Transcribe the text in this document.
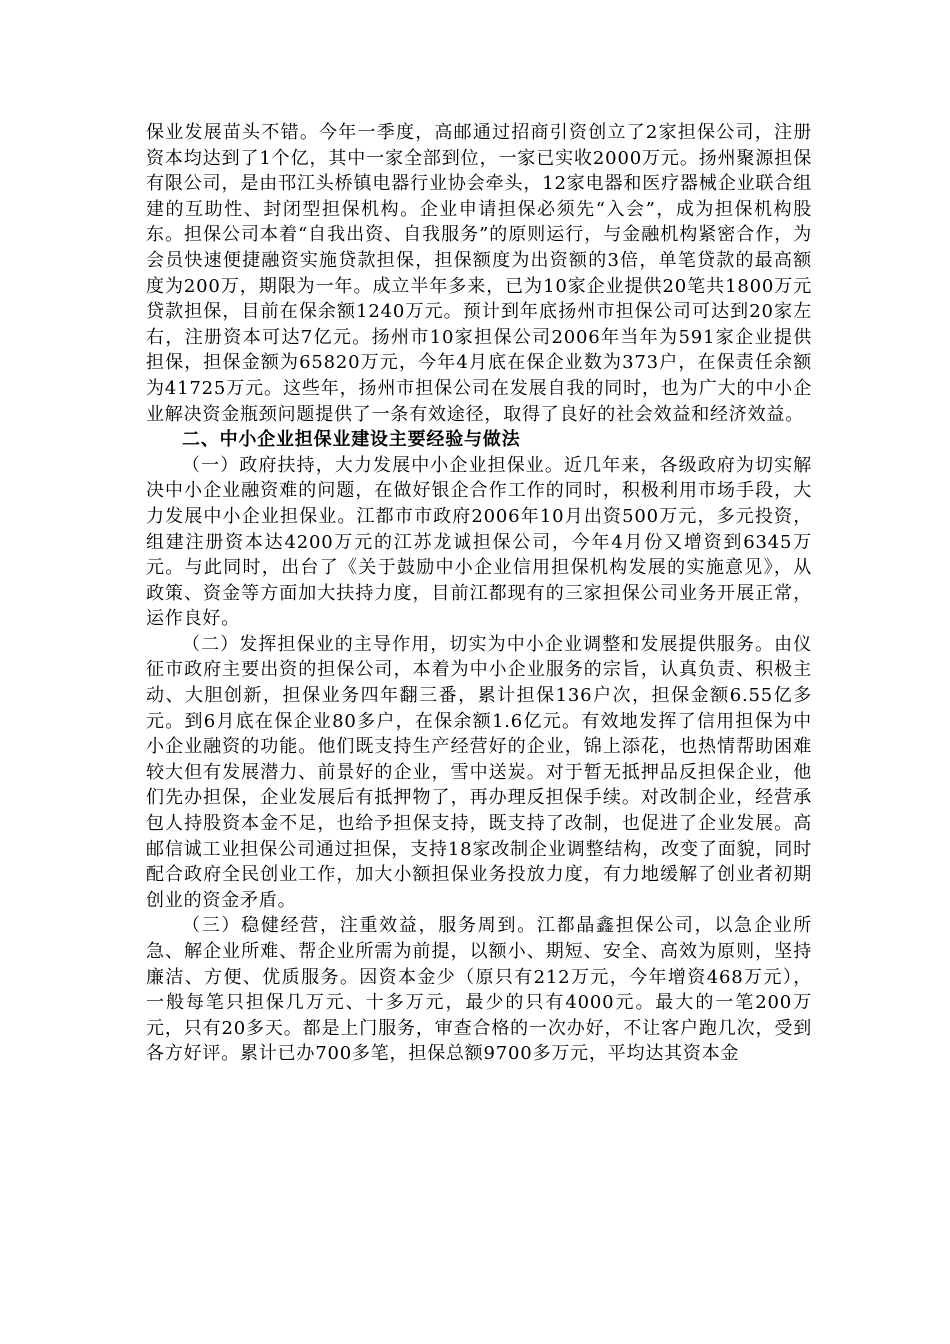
保业发展苗头不错。今年一季度，高邮通过招商引资创立了2家担保公司，注册资本均达到了1个亿，其中一家全部到位，一家已实收2000万元。扬州聚源担保有限公司，是由邗江头桥镇电器行业协会牵头，12家电器和医疗器械企业联合组建的互助性、封闭型担保机构。企业申请担保必须先“入会”，成为担保机构股东。担保公司本着“自我出资、自我服务”的原则运行，与金融机构紧密合作，为会员快速便捷融资实施贷款担保，担保额度为出资额的3倍，单笔贷款的最高额度为200万，期限为一年。成立半年多来，已为10家企业提供20笔共1800万元贷款担保，目前在保余额1240万元。预计到年底扬州市担保公司可达到20家左右，注册资本可达7亿元。扬州市10家担保公司2006年当年为591家企业提供担保，担保金额为65820万元，今年4月底在保企业数为373户，在保责任余额为41725万元。这些年，扬州市担保公司在发展自我的同时，也为广大的中小企业解决资金瓶颈问题提供了一条有效途径，取得了良好的社会效益和经济效益。

二、中小企业担保业建设主要经验与做法

（一）政府扶持，大力发展中小企业担保业。近几年来，各级政府为切实解决中小企业融资难的问题，在做好银企合作工作的同时，积极利用市场手段，大力发展中小企业担保业。江都市市政府2006年10月出资500万元，多元投资，组建注册资本达4200万元的江苏龙诚担保公司，今年4月份又增资到6345万元。与此同时，出台了《关于鼓励中小企业信用担保机构发展的实施意见》，从政策、资金等方面加大扶持力度，目前江都现有的三家担保公司业务开展正常，运作良好。

（二）发挥担保业的主导作用，切实为中小企业调整和发展提供服务。由仪征市政府主要出资的担保公司，本着为中小企业服务的宗旨，认真负责、积极主动、大胆创新，担保业务四年翻三番，累计担保136户次，担保金额6.55亿多元。到6月底在保企业80多户，在保余额1.6亿元。有效地发挥了信用担保为中小企业融资的功能。他们既支持生产经营好的企业，锦上添花，也热情帮助困难较大但有发展潜力、前景好的企业，雪中送炭。对于暂无抵押品反担保企业，他们先办担保，企业发展后有抵押物了，再办理反担保手续。对改制企业，经营承包人持股资本金不足，也给予担保支持，既支持了改制，也促进了企业发展。高邮信诚工业担保公司通过担保，支持18家改制企业调整结构，改变了面貌，同时配合政府全民创业工作，加大小额担保业务投放力度，有力地缓解了创业者初期创业的资金矛盾。

（三）稳健经营，注重效益，服务周到。江都晶鑫担保公司，以急企业所急、解企业所难、帮企业所需为前提，以额小、期短、安全、高效为原则，坚持廉洁、方便、优质服务。因资本金少（原只有212万元，今年增资468万元），一般每笔只担保几万元、十多万元，最少的只有4000元。最大的一笔200万元，只有20多天。都是上门服务，审查合格的一次办好，不让客户跑几次，受到各方好评。累计已办700多笔，担保总额9700多万元，平均达其资本金
